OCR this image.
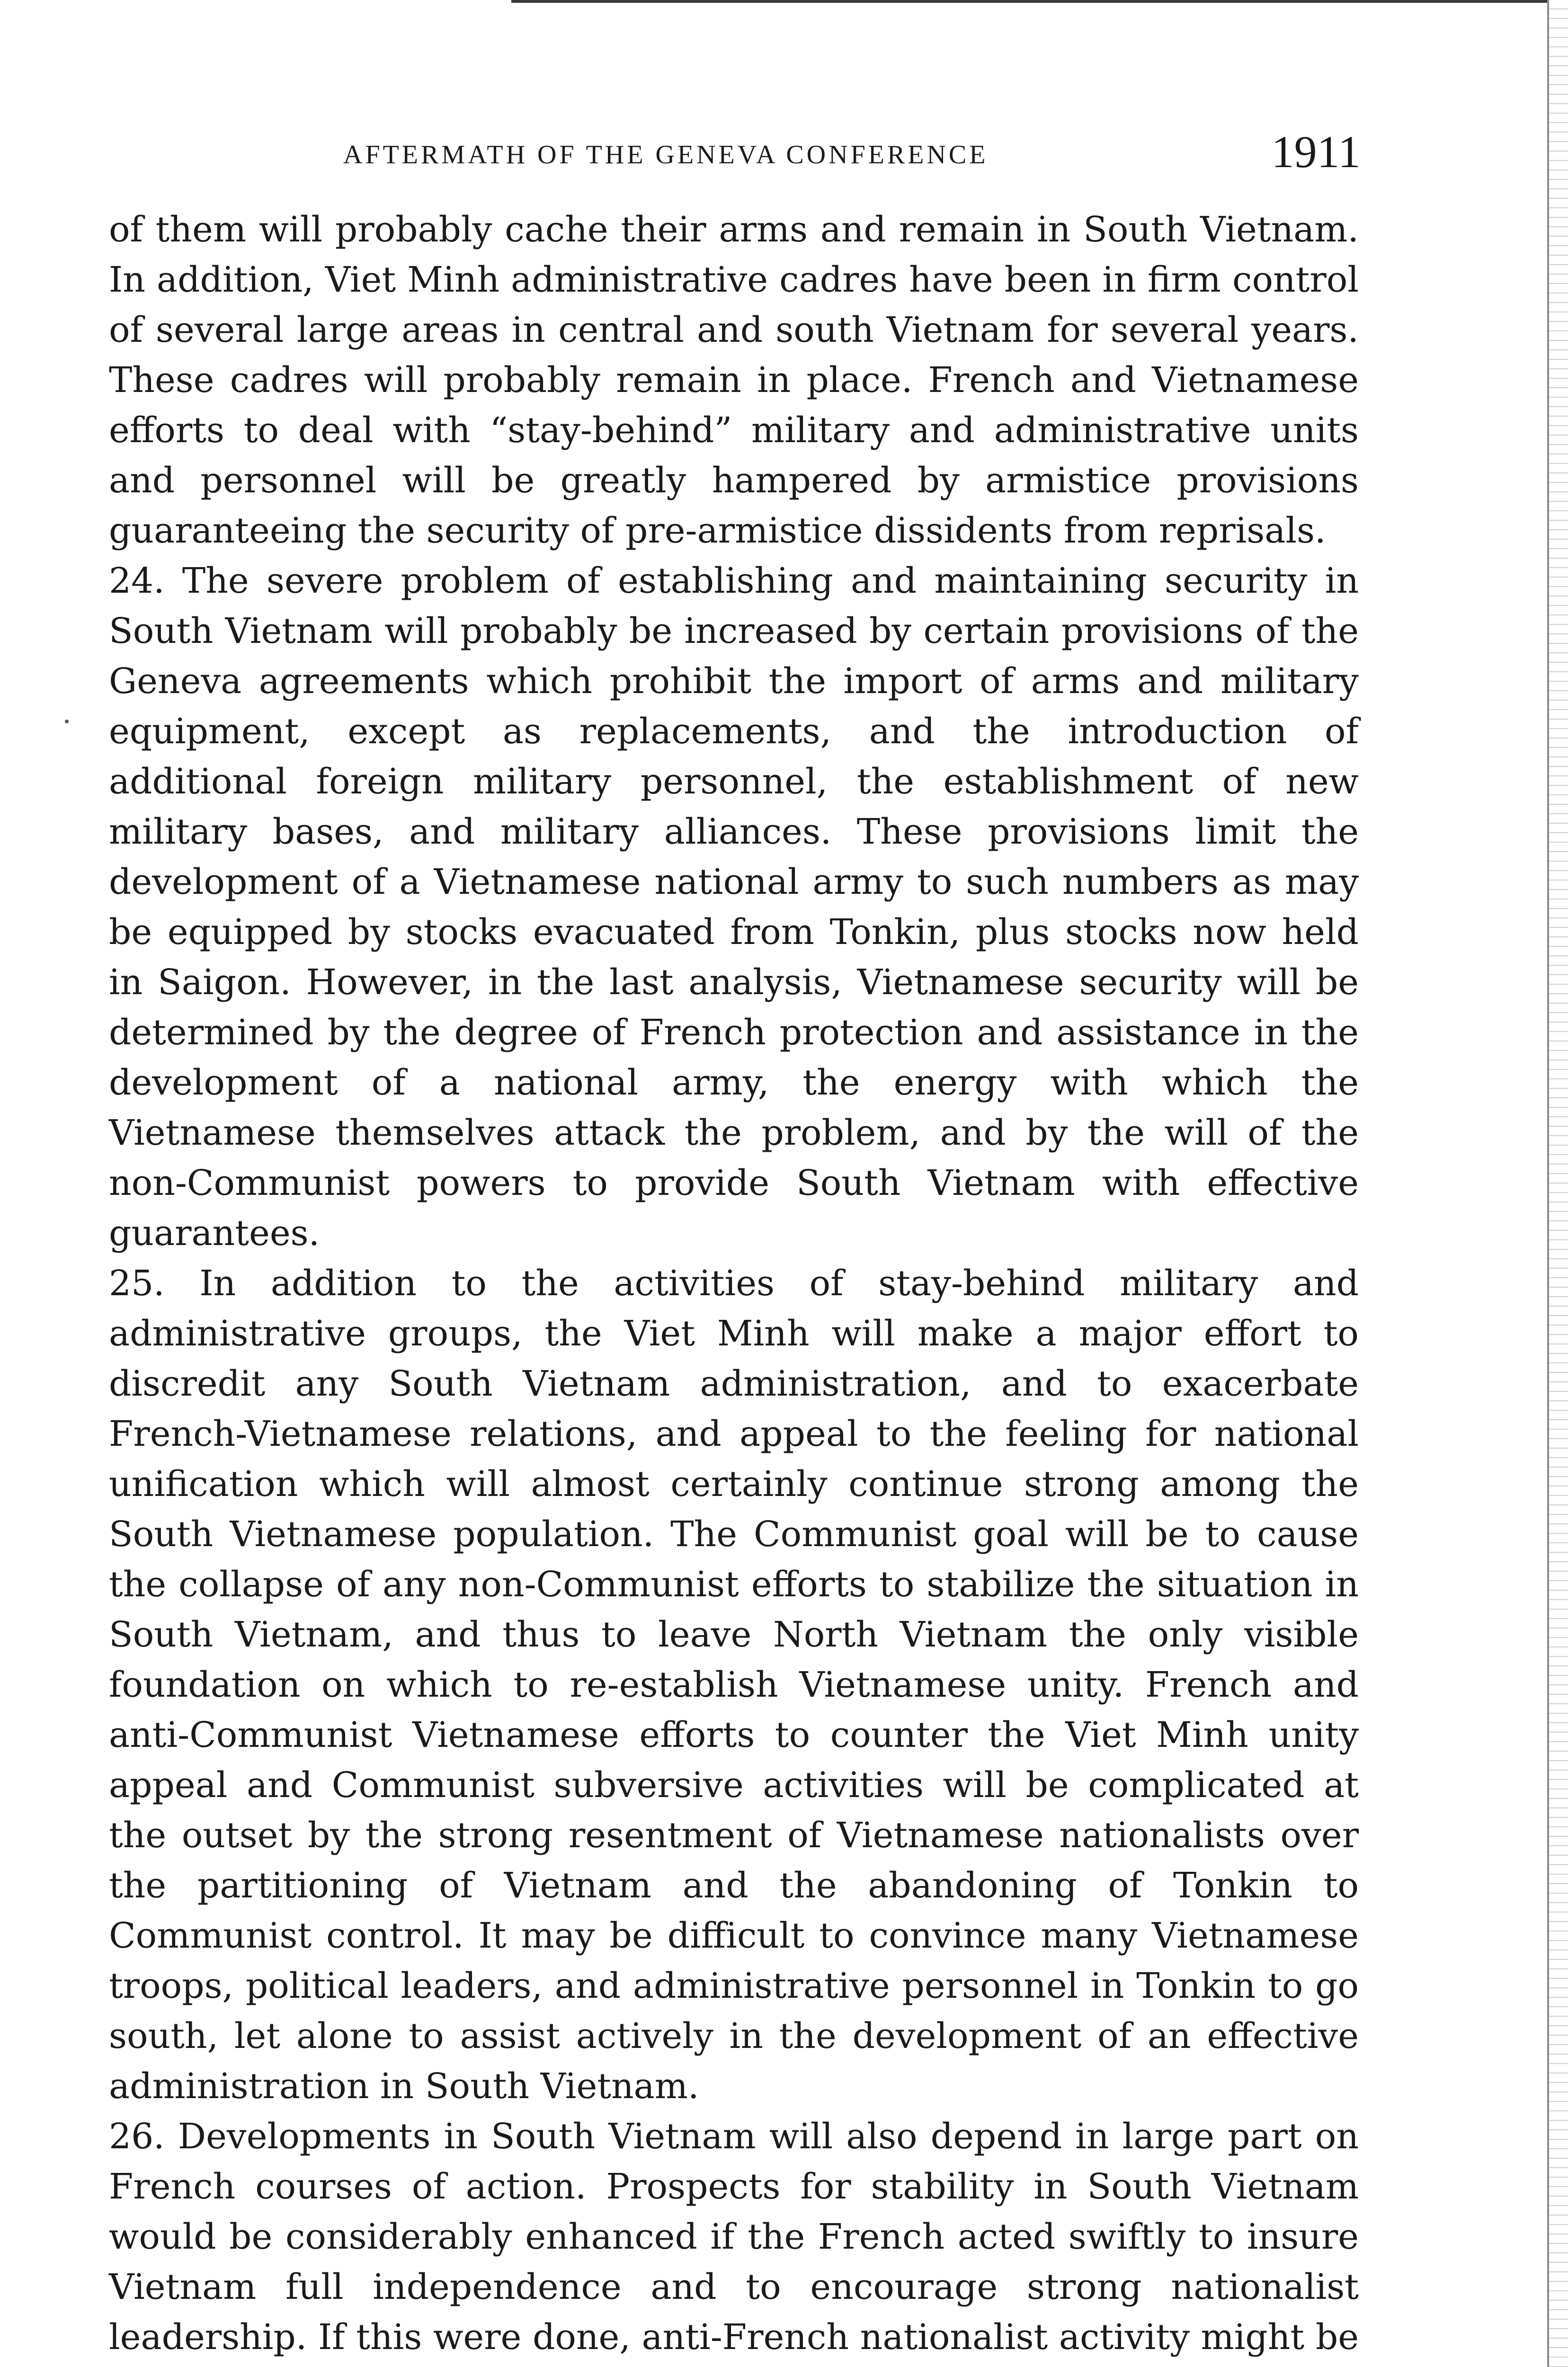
AFTERMATH OF THE GENEVA CONFERENCE	1911

of them will probably cache their arms and remain in South Vietnam. In addition, Viet Minh administrative cadres have been in firm control of several large areas in central and south Vietnam for several years. These cadres will probably remain in place. French and Vietnamese efforts to deal with “stay-behind” military and administrative units and personnel will be greatly hampered by armistice provisions guaranteeing the security of pre-armistice dissidents from reprisals.

24. The severe problem of establishing and maintaining security in South Vietnam will probably be increased by certain provisions of the Geneva agreements which prohibit the import of arms and military equipment, except as replacements, and the introduction of additional foreign military personnel, the establishment of new military bases, and military alliances. These provisions limit the development of a Vietnamese national army to such numbers as may be equipped by stocks evacuated from Tonkin, plus stocks now held in Saigon. However, in the last analysis, Vietnamese security will be determined by the degree of French protection and assistance in the development of a national army, the energy with which the Vietnamese themselves attack the problem, and by the will of the non-Communist powers to provide South Vietnam with effective guarantees.

25. In addition to the activities of stay-behind military and administrative groups, the Viet Minh will make a major effort to discredit any South Vietnam administration, and to exacerbate French-Vietnamese relations, and appeal to the feeling for national unification which will almost certainly continue strong among the South Vietnamese population. The Communist goal will be to cause the collapse of any non-Communist efforts to stabilize the situation in South Vietnam, and thus to leave North Vietnam the only visible foundation on which to re-establish Vietnamese unity. French and anti-Communist Vietnamese efforts to counter the Viet Minh unity appeal and Communist subversive activities will be complicated at the outset by the strong resentment of Vietnamese nationalists over the partitioning of Vietnam and the abandoning of Tonkin to Communist control. It may be difficult to convince many Vietnamese troops, political leaders, and administrative personnel in Tonkin to go south, let alone to assist actively in the development of an effective administration in South Vietnam.

26. Developments in South Vietnam will also depend in large part on French courses of action. Prospects for stability in South Vietnam would be considerably enhanced if the French acted swiftly to insure Vietnam full independence and to encourage strong nationalist leadership. If this were done, anti-French nationalist activity might be
